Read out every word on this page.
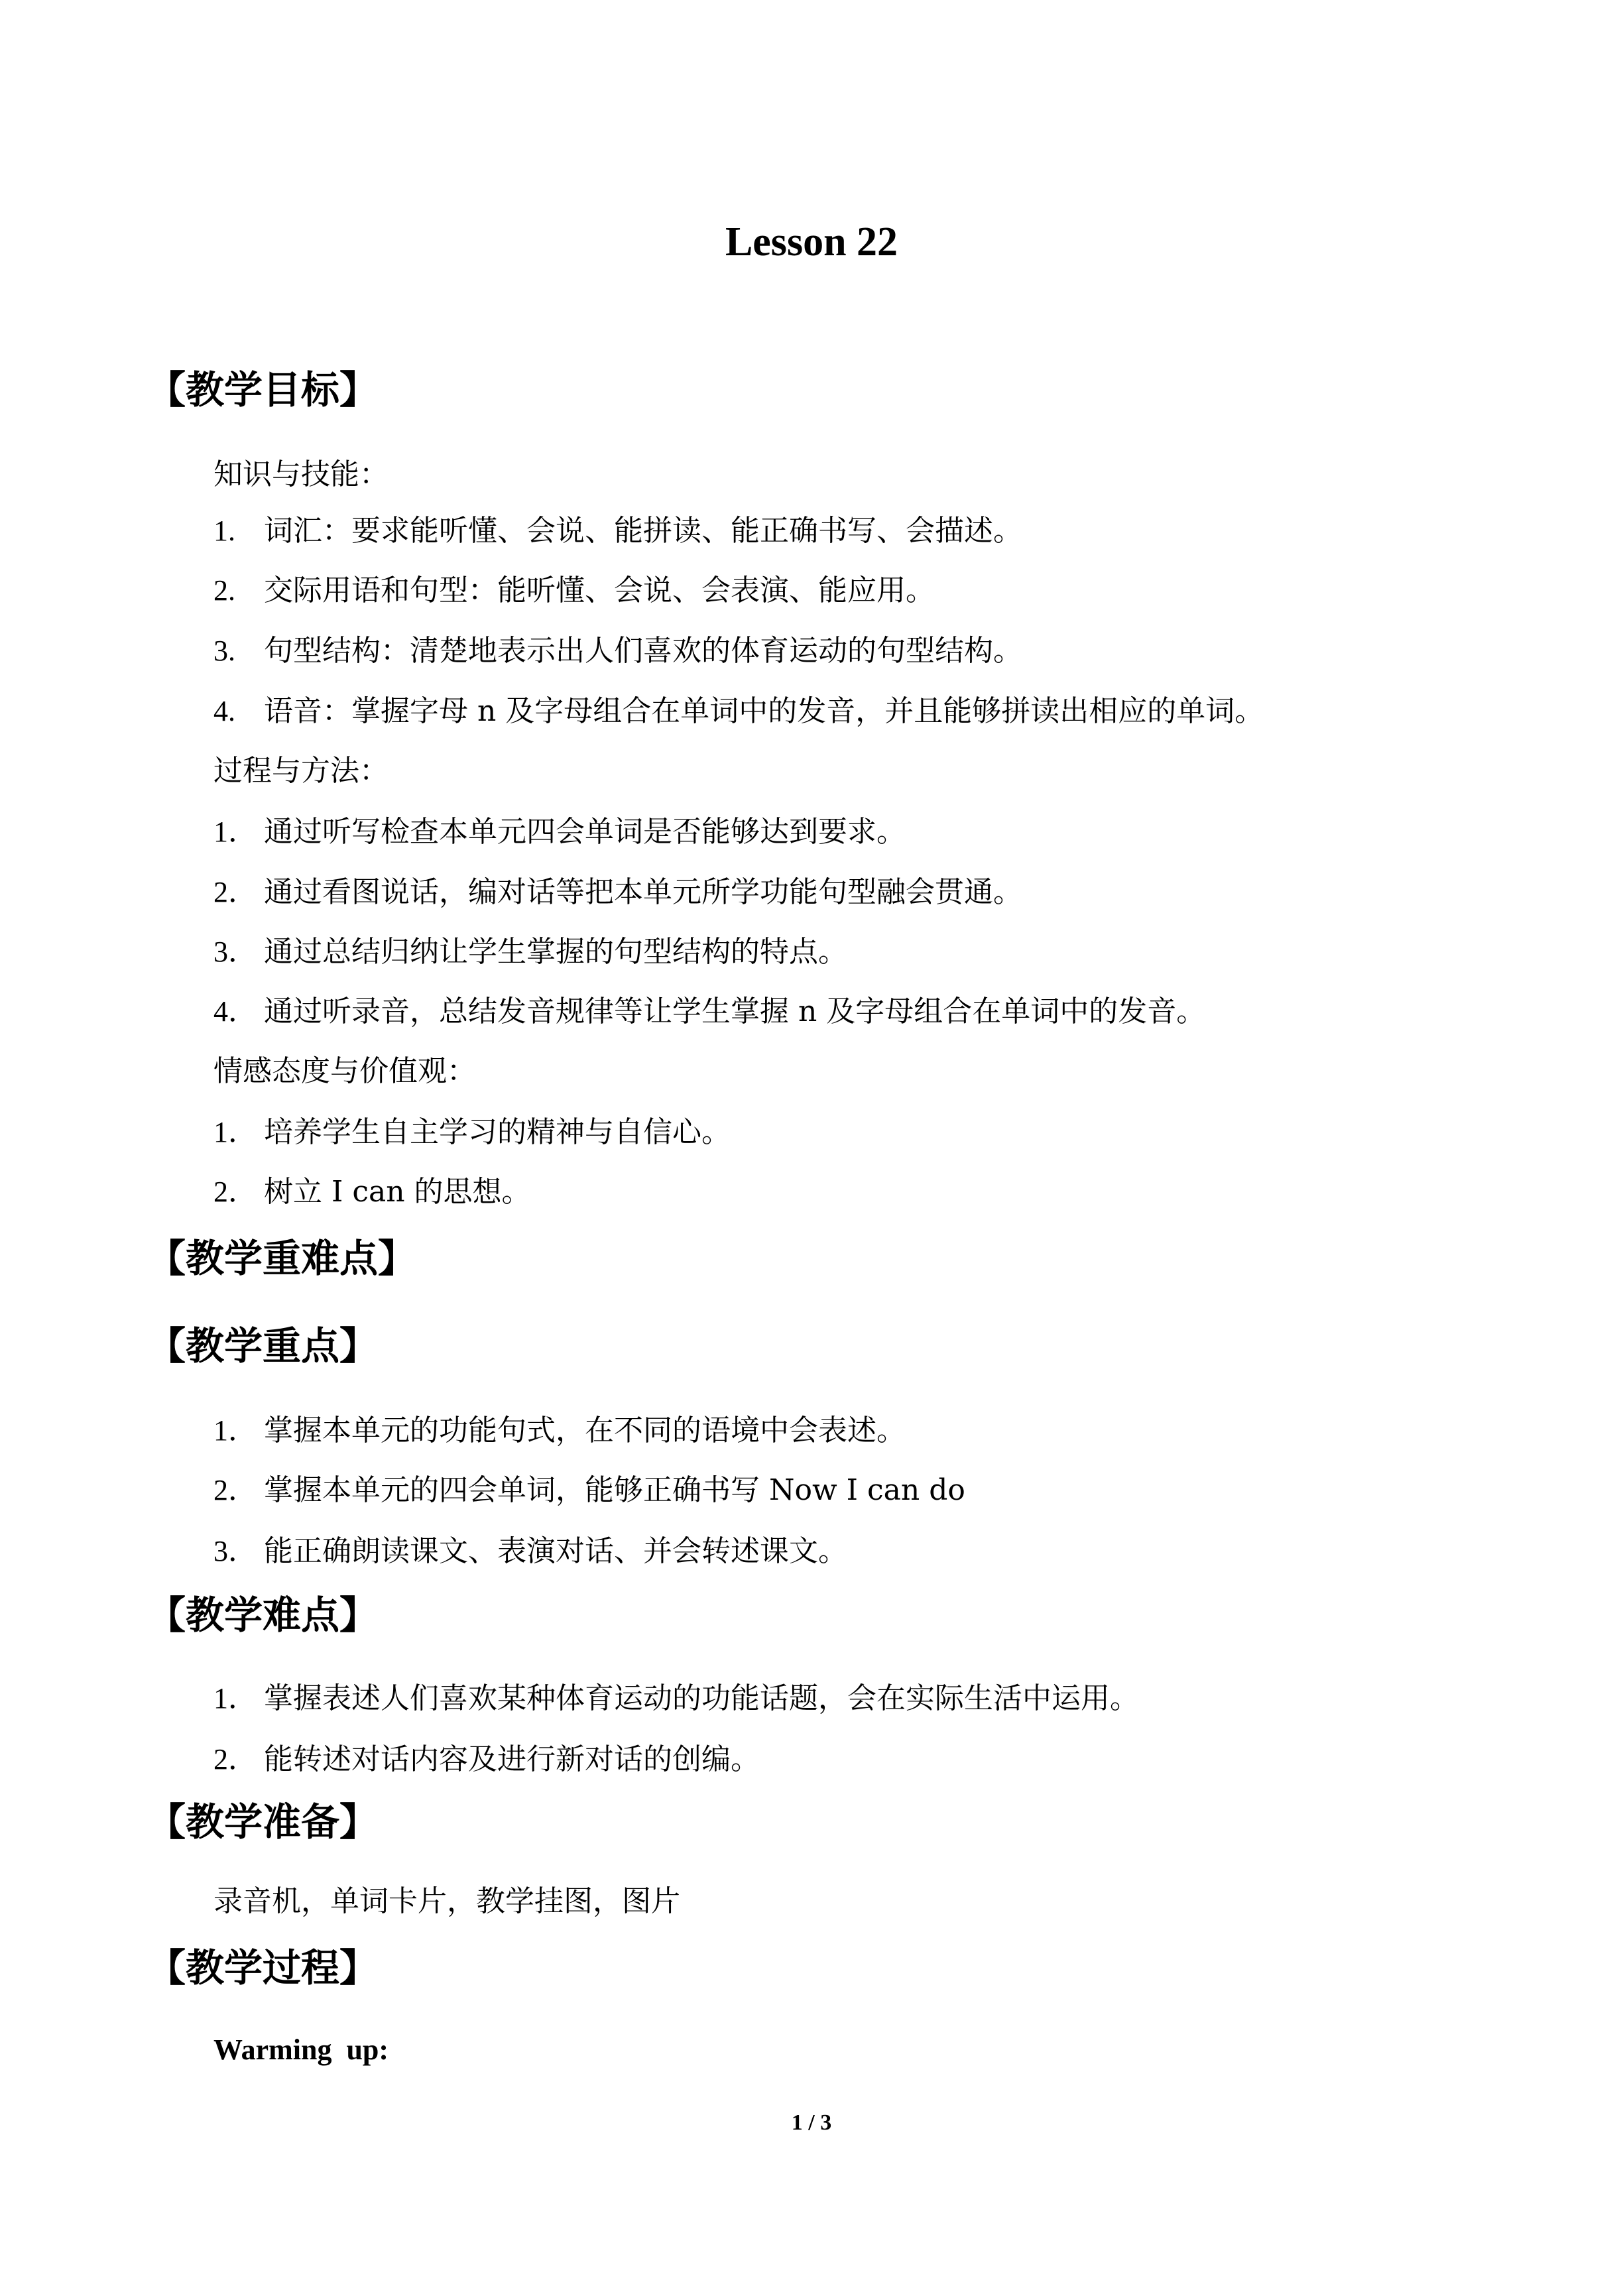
Lesson 22
【教学目标】

知识与技能：

1. 词汇：要求能听懂、会说、能拼读、能正确书写、会描述。

2. 交际用语和句型：能听懂、会说、会表演、能应用。

3. 句型结构：清楚地表示出人们喜欢的体育运动的句型结构。

4. 语音：掌握字母 n 及字母组合在单词中的发音，并且能够拼读出相应的单词。

过程与方法：

1． 通过听写检查本单元四会单词是否能够达到要求。

2． 通过看图说话，编对话等把本单元所学功能句型融会贯通。

3． 通过总结归纳让学生掌握的句型结构的特点。

4． 通过听录音，总结发音规律等让学生掌握 n 及字母组合在单词中的发音。

情感态度与价值观：

1． 培养学生自主学习的精神与自信心。

2． 树立 I can 的思想。

【教学重难点】
【教学重点】

1． 掌握本单元的功能句式，在不同的语境中会表述。

2． 掌握本单元的四会单词，能够正确书写 Now I can do

3． 能正确朗读课文、表演对话、并会转述课文。

【教学难点】

1． 掌握表述人们喜欢某种体育运动的功能话题，会在实际生活中运用。

2． 能转述对话内容及进行新对话的创编。

【教学准备】

录音机，单词卡片，教学挂图，图片

【教学过程】

Warming  up:

1 / 3
